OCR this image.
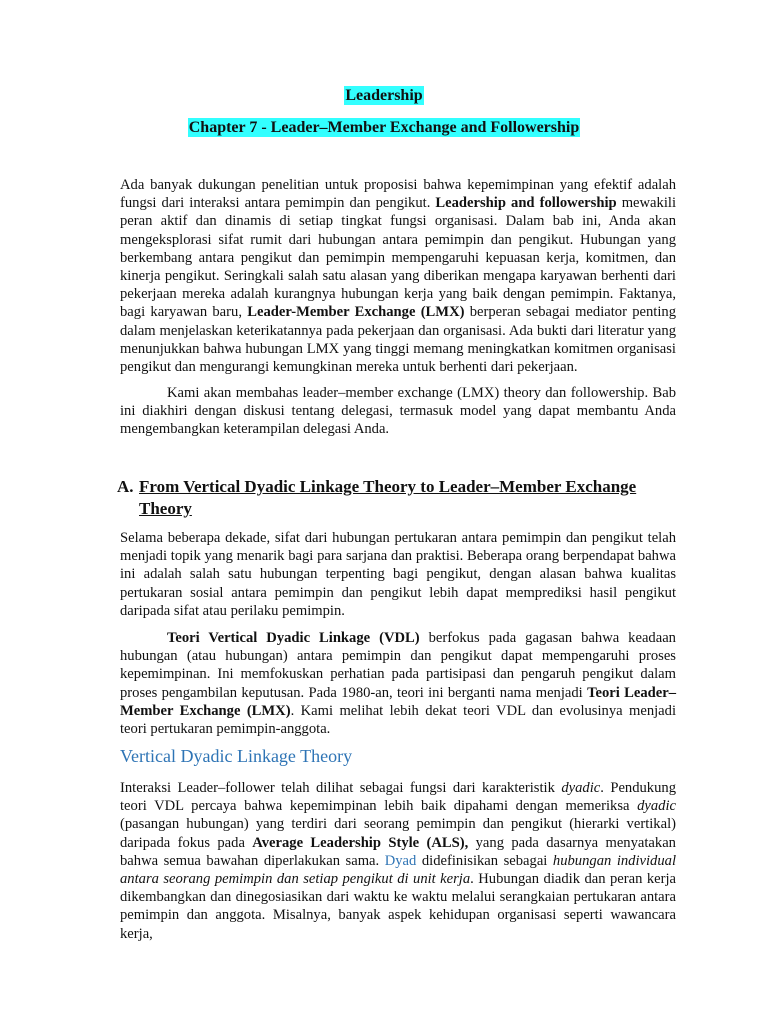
Leadership
Chapter 7 - Leader–Member Exchange and Followership
Ada banyak dukungan penelitian untuk proposisi bahwa kepemimpinan yang efektif adalah fungsi dari interaksi antara pemimpin dan pengikut. Leadership and followership mewakili peran aktif dan dinamis di setiap tingkat fungsi organisasi. Dalam bab ini, Anda akan mengeksplorasi sifat rumit dari hubungan antara pemimpin dan pengikut. Hubungan yang berkembang antara pengikut dan pemimpin mempengaruhi kepuasan kerja, komitmen, dan kinerja pengikut. Seringkali salah satu alasan yang diberikan mengapa karyawan berhenti dari pekerjaan mereka adalah kurangnya hubungan kerja yang baik dengan pemimpin. Faktanya, bagi karyawan baru, Leader-Member Exchange (LMX) berperan sebagai mediator penting dalam menjelaskan keterikatannya pada pekerjaan dan organisasi. Ada bukti dari literatur yang menunjukkan bahwa hubungan LMX yang tinggi memang meningkatkan komitmen organisasi pengikut dan mengurangi kemungkinan mereka untuk berhenti dari pekerjaan.
Kami akan membahas leader–member exchange (LMX) theory dan followership. Bab ini diakhiri dengan diskusi tentang delegasi, termasuk model yang dapat membantu Anda mengembangkan keterampilan delegasi Anda.
A. From Vertical Dyadic Linkage Theory to Leader–Member Exchange Theory
Selama beberapa dekade, sifat dari hubungan pertukaran antara pemimpin dan pengikut telah menjadi topik yang menarik bagi para sarjana dan praktisi. Beberapa orang berpendapat bahwa ini adalah salah satu hubungan terpenting bagi pengikut, dengan alasan bahwa kualitas pertukaran sosial antara pemimpin dan pengikut lebih dapat memprediksi hasil pengikut daripada sifat atau perilaku pemimpin.
Teori Vertical Dyadic Linkage (VDL) berfokus pada gagasan bahwa keadaan hubungan (atau hubungan) antara pemimpin dan pengikut dapat mempengaruhi proses kepemimpinan. Ini memfokuskan perhatian pada partisipasi dan pengaruh pengikut dalam proses pengambilan keputusan. Pada 1980-an, teori ini berganti nama menjadi Teori Leader–Member Exchange (LMX). Kami melihat lebih dekat teori VDL dan evolusinya menjadi teori pertukaran pemimpin-anggota.
Vertical Dyadic Linkage Theory
Interaksi Leader–follower telah dilihat sebagai fungsi dari karakteristik dyadic. Pendukung teori VDL percaya bahwa kepemimpinan lebih baik dipahami dengan memeriksa dyadic (pasangan hubungan) yang terdiri dari seorang pemimpin dan pengikut (hierarki vertikal) daripada fokus pada Average Leadership Style (ALS), yang pada dasarnya menyatakan bahwa semua bawahan diperlakukan sama. Dyad didefinisikan sebagai hubungan individual antara seorang pemimpin dan setiap pengikut di unit kerja. Hubungan diadik dan peran kerja dikembangkan dan dinegosiasikan dari waktu ke waktu melalui serangkaian pertukaran antara pemimpin dan anggota. Misalnya, banyak aspek kehidupan organisasi seperti wawancara kerja,
